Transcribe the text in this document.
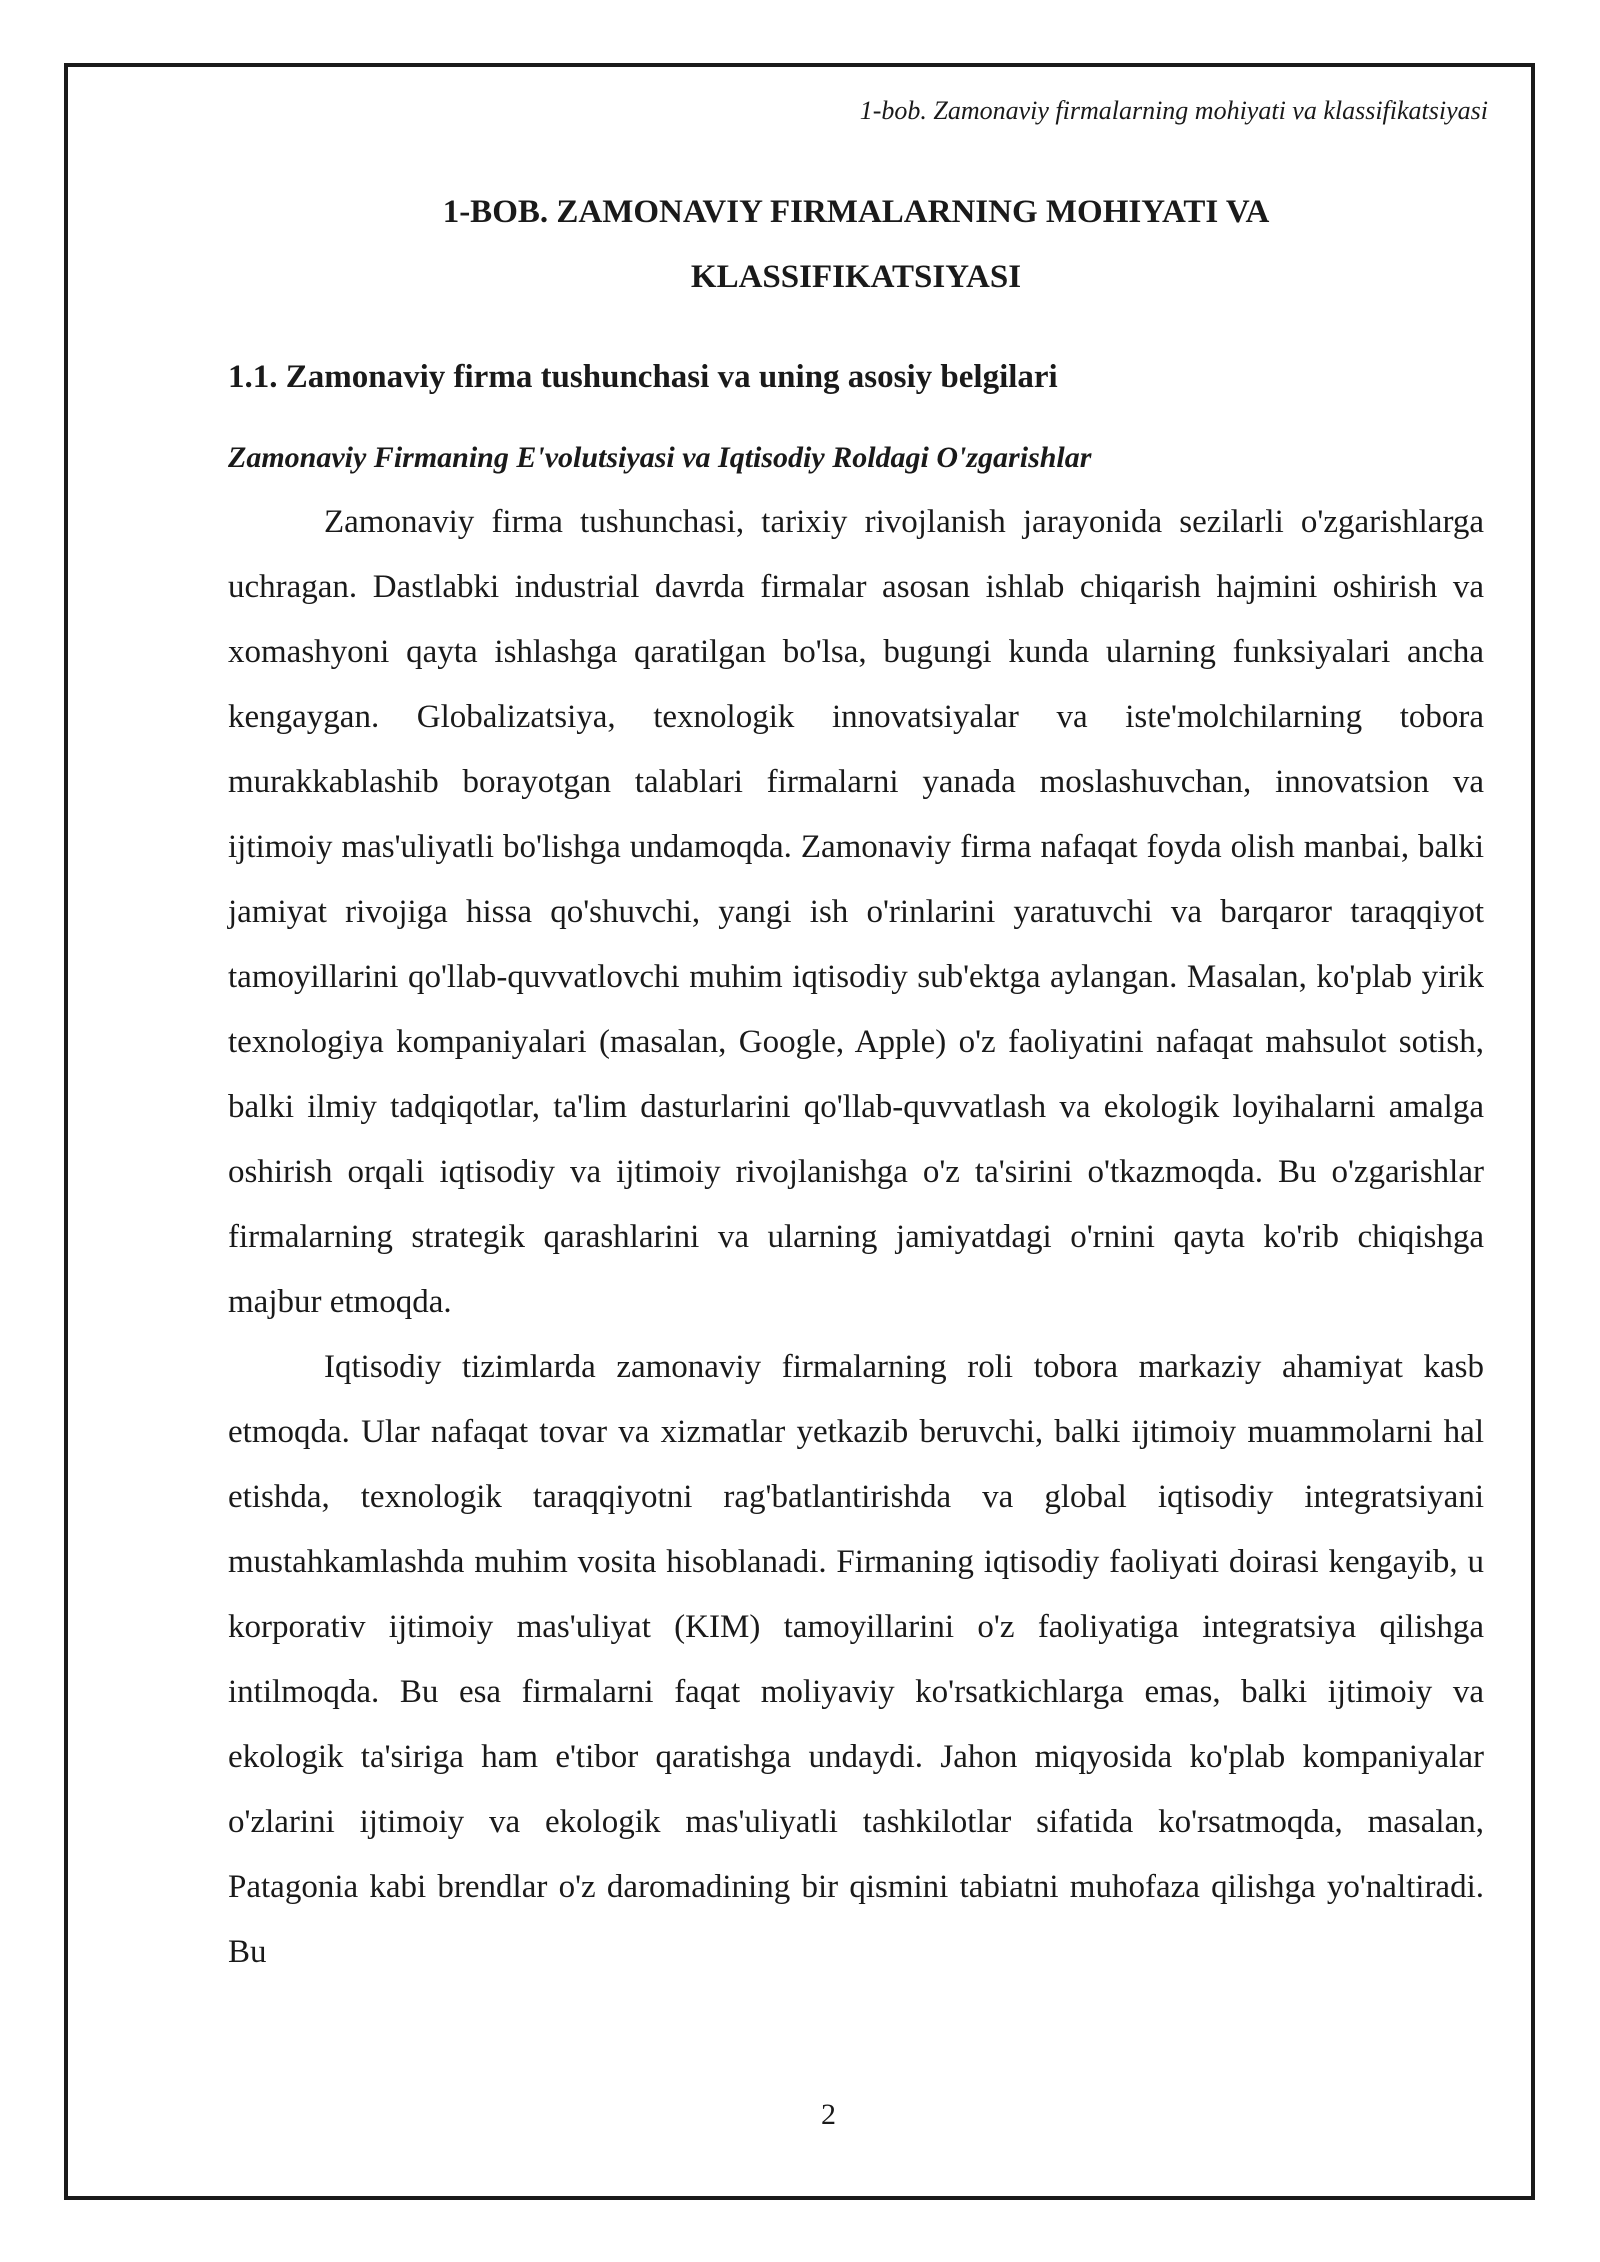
1-bob. Zamonaviy firmalarning mohiyati va klassifikatsiyasi
1-BOB. ZAMONAVIY FIRMALARNING MOHIYATI VA
KLASSIFIKATSIYASI
1.1. Zamonaviy firma tushunchasi va uning asosiy belgilari
Zamonaviy Firmaning E'volutsiyasi va Iqtisodiy Roldagi O'zgarishlar

Zamonaviy firma tushunchasi, tarixiy rivojlanish jarayonida sezilarli o'zgarishlarga uchragan. Dastlabki industrial davrda firmalar asosan ishlab chiqarish hajmini oshirish va xomashyoni qayta ishlashga qaratilgan bo'lsa, bugungi kunda ularning funksiyalari ancha kengaygan. Globalizatsiya, texnologik innovatsiyalar va iste'molchilarning tobora murakkablashib borayotgan talablari firmalarni yanada moslashuvchan, innovatsion va ijtimoiy mas'uliyatli bo'lishga undamoqda. Zamonaviy firma nafaqat foyda olish manbai, balki jamiyat rivojiga hissa qo'shuvchi, yangi ish o'rinlarini yaratuvchi va barqaror taraqqiyot tamoyillarini qo'llab-quvvatlovchi muhim iqtisodiy sub'ektga aylangan. Masalan, ko'plab yirik texnologiya kompaniyalari (masalan, Google, Apple) o'z faoliyatini nafaqat mahsulot sotish, balki ilmiy tadqiqotlar, ta'lim dasturlarini qo'llab-quvvatlash va ekologik loyihalarni amalga oshirish orqali iqtisodiy va ijtimoiy rivojlanishga o'z ta'sirini o'tkazmoqda. Bu o'zgarishlar firmalarning strategik qarashlarini va ularning jamiyatdagi o'rnini qayta ko'rib chiqishga majbur etmoqda.

Iqtisodiy tizimlarda zamonaviy firmalarning roli tobora markaziy ahamiyat kasb etmoqda. Ular nafaqat tovar va xizmatlar yetkazib beruvchi, balki ijtimoiy muammolarni hal etishda, texnologik taraqqiyotni rag'batlantirishda va global iqtisodiy integratsiyani mustahkamlashda muhim vosita hisoblanadi. Firmaning iqtisodiy faoliyati doirasi kengayib, u korporativ ijtimoiy mas'uliyat (KIM) tamoyillarini o'z faoliyatiga integratsiya qilishga intilmoqda. Bu esa firmalarni faqat moliyaviy ko'rsatkichlarga emas, balki ijtimoiy va ekologik ta'siriga ham e'tibor qaratishga undaydi. Jahon miqyosida ko'plab kompaniyalar o'zlarini ijtimoiy va ekologik mas'uliyatli tashkilotlar sifatida ko'rsatmoqda, masalan, Patagonia kabi brendlar o'z daromadining bir qismini tabiatni muhofaza qilishga yo'naltiradi. Bu

2
